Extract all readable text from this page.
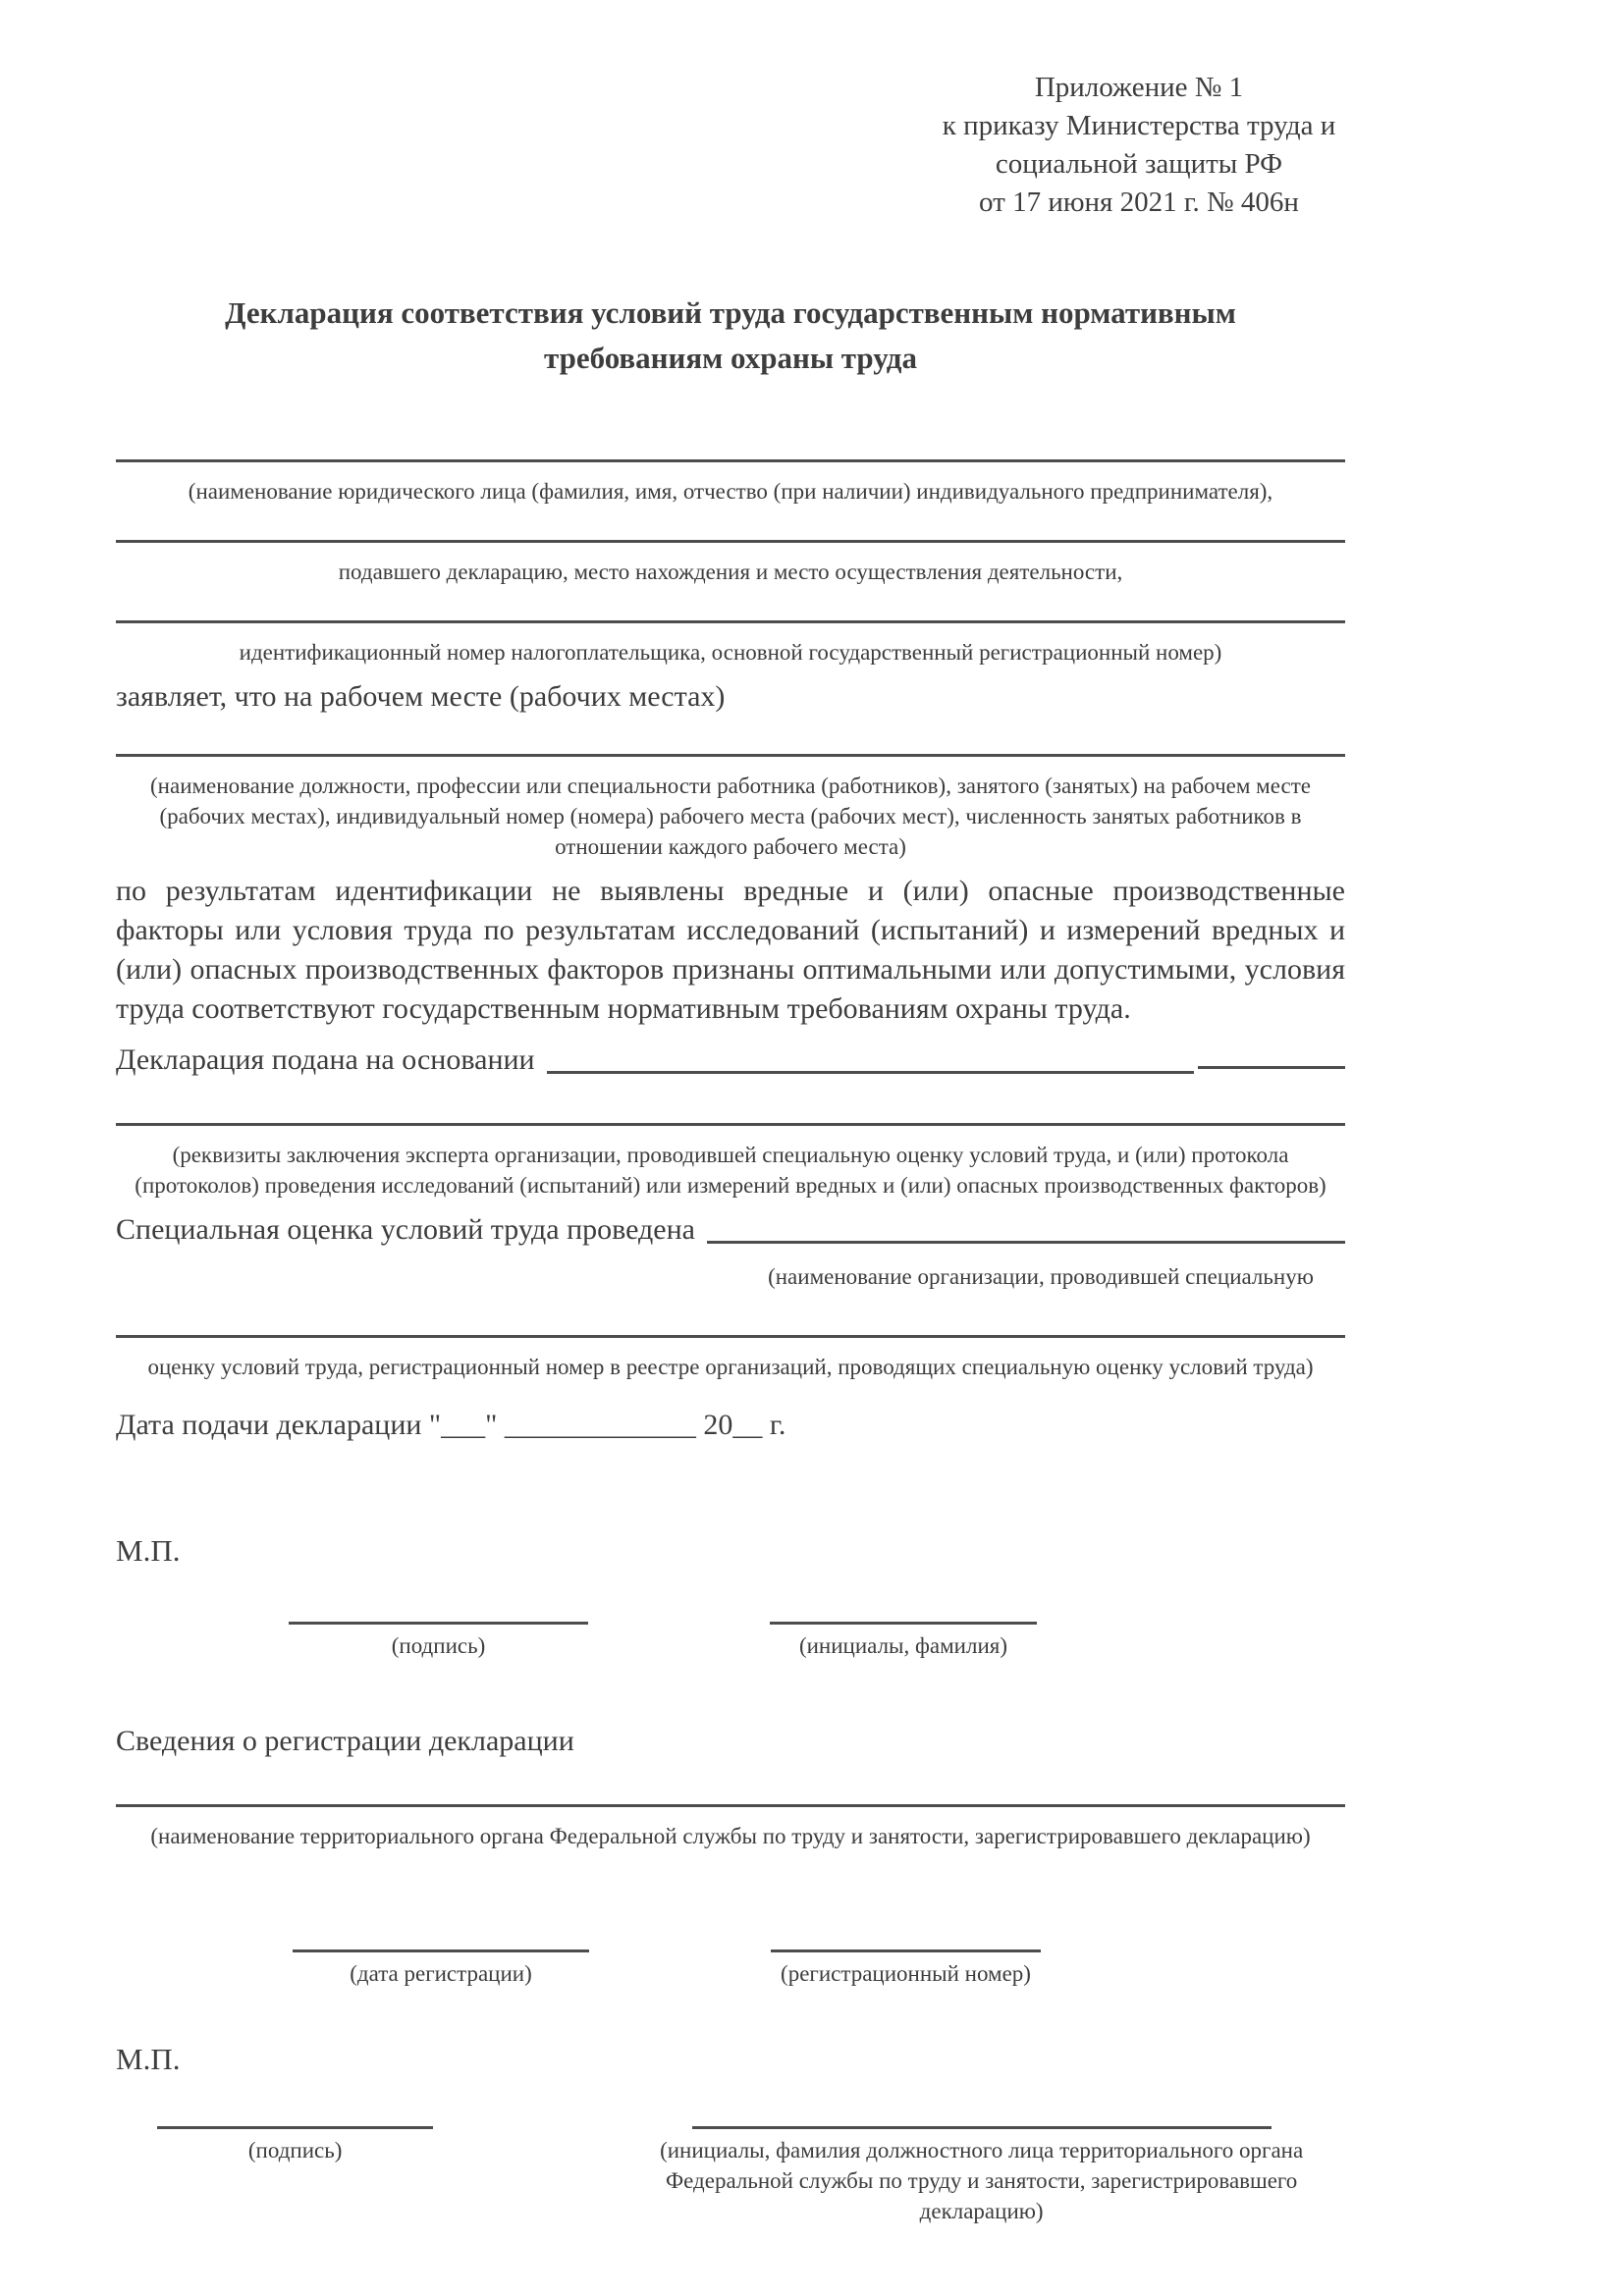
Приложение № 1
к приказу Министерства труда и
социальной защиты РФ
от 17 июня 2021 г. № 406н
Декларация соответствия условий труда государственным нормативным требованиям охраны труда
(наименование юридического лица (фамилия, имя, отчество (при наличии) индивидуального предпринимателя),
подавшего декларацию, место нахождения и место осуществления деятельности,
идентификационный номер налогоплательщика, основной государственный регистрационный номер)
заявляет, что на рабочем месте (рабочих местах)
(наименование должности, профессии или специальности работника (работников), занятого (занятых) на рабочем месте (рабочих местах), индивидуальный номер (номера) рабочего места (рабочих мест), численность занятых работников в отношении каждого рабочего места)
по результатам идентификации не выявлены вредные и (или) опасные производственные факторы или условия труда по результатам исследований (испытаний) и измерений вредных и (или) опасных производственных факторов признаны оптимальными или допустимыми, условия труда соответствуют государственным нормативным требованиям охраны труда.
Декларация подана на основании
(реквизиты заключения эксперта организации, проводившей специальную оценку условий труда, и (или) протокола (протоколов) проведения исследований (испытаний) или измерений вредных и (или) опасных производственных факторов)
Специальная оценка условий труда проведена
(наименование организации, проводившей специальную
оценку условий труда, регистрационный номер в реестре организаций, проводящих специальную оценку условий труда)
Дата подачи декларации "___" _____________ 20__ г.
М.П.
(подпись)	(инициалы, фамилия)
Сведения о регистрации декларации
(наименование территориального органа Федеральной службы по труду и занятости, зарегистрировавшего декларацию)
(дата регистрации)	(регистрационный номер)
М.П.
(подпись)	(инициалы, фамилия должностного лица территориального органа Федеральной службы по труду и занятости, зарегистрировавшего декларацию)
